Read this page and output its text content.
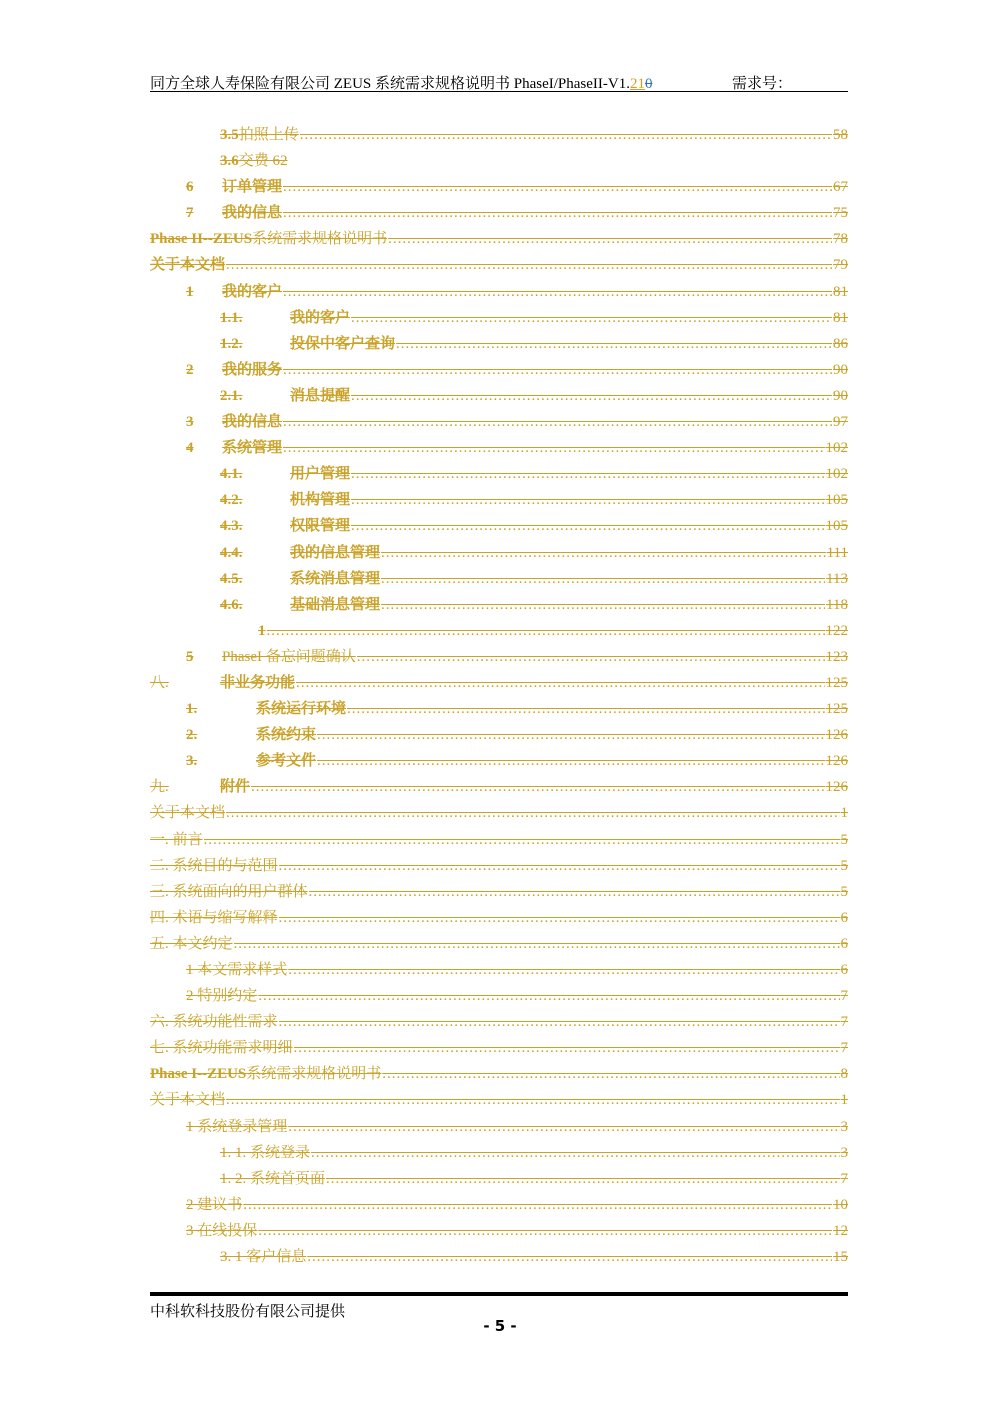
同方全球人寿保险有限公司 ZEUS 系统需求规格说明书 PhaseI/PhaseII-V1.210	需求号：
3.5 拍照上传 .....	58
3.6 交费 62
6	订单管理 .....	67
7	我的信息 .....	75
Phase II--ZEUS 系统需求规格说明书 .....	78
关于本文档 .....	79
1	我的客户 .....	81
1.1.	我的客户 .....	81
1.2.	投保中客户查询 .....	86
2	我的服务 .....	90
2.1.	消息提醒 .....	90
3	我的信息 .....	97
4	系统管理 .....	102
4.1.	用户管理 .....	102
4.2.	机构管理 .....	105
4.3.	权限管理 .....	105
4.4.	我的信息管理 .....	111
4.5.	系统消息管理 .....	113
4.6.	基础消息管理 .....	118
1 .....	122
5	PhaseI 备忘问题确认 .....	123
八.	非业务功能 .....	125
1.	系统运行环境 .....	125
2.	系统约束 .....	126
3.	参考文件 .....	126
九.	附件 .....	126
关于本文档 .....	1
一. 前言 .....	5
二. 系统目的与范围 .....	5
三. 系统面向的用户群体 .....	5
四. 术语与缩写解释 .....	6
五. 本文约定 .....	6
1 本文需求样式 .....	6
2 特别约定 .....	7
六. 系统功能性需求 .....	7
七. 系统功能需求明细 .....	7
Phase I--ZEUS 系统需求规格说明书 .....	8
关于本文档 .....	1
1 系统登录管理 .....	3
1. 1. 系统登录 .....	3
1. 2. 系统首页面 .....	7
2 建议书 .....	10
3 在线投保 .....	12
3. 1 客户信息 .....	15
中科软科技股份有限公司提供
- 5 -
